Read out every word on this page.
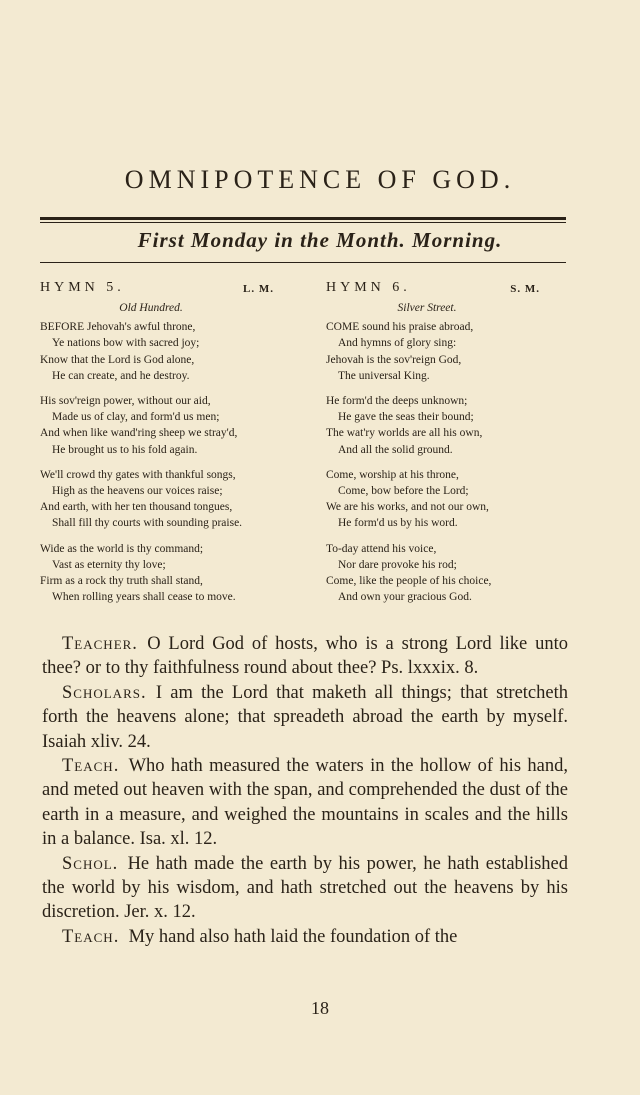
OMNIPOTENCE OF GOD.
First Monday in the Month. Morning.
HYMN 5.	L. M.
Old Hundred.
BEFORE Jehovah's awful throne,
Ye nations bow with sacred joy;
Know that the Lord is God alone,
He can create, and he destroy.
His sov'reign power, without our aid,
Made us of clay, and form'd us men;
And when like wand'ring sheep we stray'd,
He brought us to his fold again.
We'll crowd thy gates with thankful songs,
High as the heavens our voices raise;
And earth, with her ten thousand tongues,
Shall fill thy courts with sounding praise.
Wide as the world is thy command;
Vast as eternity thy love;
Firm as a rock thy truth shall stand,
When rolling years shall cease to move.
HYMN 6.	S. M.
Silver Street.
COME sound his praise abroad,
And hymns of glory sing:
Jehovah is the sov'reign God,
The universal King.
He form'd the deeps unknown;
He gave the seas their bound;
The wat'ry worlds are all his own,
And all the solid ground.
Come, worship at his throne,
Come, bow before the Lord;
We are his works, and not our own,
He form'd us by his word.
To-day attend his voice,
Nor dare provoke his rod;
Come, like the people of his choice,
And own your gracious God.
Teacher.  O Lord God of hosts, who is a strong Lord like unto thee? or to thy faithfulness round about thee? Ps. lxxxix. 8.
Scholars.  I am the Lord that maketh all things; that stretcheth forth the heavens alone; that spreadeth abroad the earth by myself. Isaiah xliv. 24.
Teach.  Who hath measured the waters in the hollow of his hand, and meted out heaven with the span, and comprehended the dust of the earth in a measure, and weighed the mountains in scales and the hills in a balance. Isa. xl. 12.
Schol.  He hath made the earth by his power, he hath established the world by his wisdom, and hath stretched out the heavens by his discretion. Jer. x. 12.
Teach.  My hand also hath laid the foundation of the
18
